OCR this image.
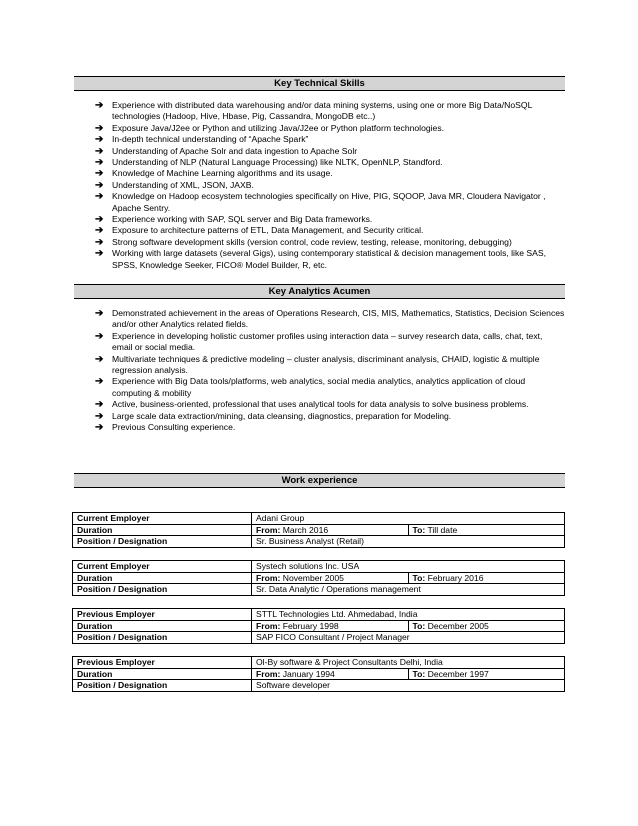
Key Technical Skills
➔ Experience with distributed data warehousing and/or data mining systems, using one or more Big Data/NoSQL technologies (Hadoop, Hive, Hbase, Pig, Cassandra, MongoDB etc..)
➔ Exposure Java/J2ee or Python and utilizing Java/J2ee or Python platform technologies.
➔ In-depth technical understanding of “Apache Spark”
➔ Understanding of Apache Solr and data ingestion to Apache Solr
➔ Understanding of NLP (Natural Language Processing) like NLTK, OpenNLP, Standford.
➔ Knowledge of Machine Learning algorithms and its usage.
➔ Understanding of XML, JSON, JAXB.
➔ Knowledge on Hadoop ecosystem technologies specifically on Hive, PIG, SQOOP, Java MR, Cloudera Navigator , Apache Sentry.
➔ Experience working with SAP, SQL server and Big Data frameworks.
➔ Exposure to architecture patterns of ETL, Data Management, and Security critical.
➔ Strong software development skills (version control, code review, testing, release, monitoring, debugging)
➔ Working with large datasets (several Gigs), using contemporary statistical & decision management tools, like SAS, SPSS, Knowledge Seeker, FICO® Model Builder, R, etc.
Key Analytics Acumen
➔ Demonstrated achievement in the areas of Operations Research, CIS, MIS, Mathematics, Statistics, Decision Sciences and/or other Analytics related fields.
➔ Experience in developing holistic customer profiles using interaction data – survey research data, calls, chat, text, email or social media.
➔ Multivariate techniques & predictive modeling – cluster analysis, discriminant analysis, CHAID, logistic & multiple regression analysis.
➔ Experience with Big Data tools/platforms, web analytics, social media analytics, analytics application of cloud computing & mobility
➔ Active, business-oriented, professional that uses analytical tools for data analysis to solve business problems.
➔ Large scale data extraction/mining, data cleansing, diagnostics, preparation for Modeling.
➔ Previous Consulting experience.
Work experience
Current Employer	Adani Group	
Duration	From: March 2016	To: Till date
Position / Designation	Sr. Business Analyst (Retail)	
Current Employer	Systech solutions Inc. USA	
Duration	From: November 2005	To: February 2016
Position / Designation	Sr. Data Analytic / Operations management	
Previous Employer	STTL Technologies Ltd. Ahmedabad, India	
Duration	From: February 1998	To: December 2005
Position / Designation	SAP FICO Consultant / Project Manager	
Previous Employer	Ol-By software & Project Consultants Delhi, India	
Duration	From: January 1994	To: December 1997
Position / Designation	Software developer	
